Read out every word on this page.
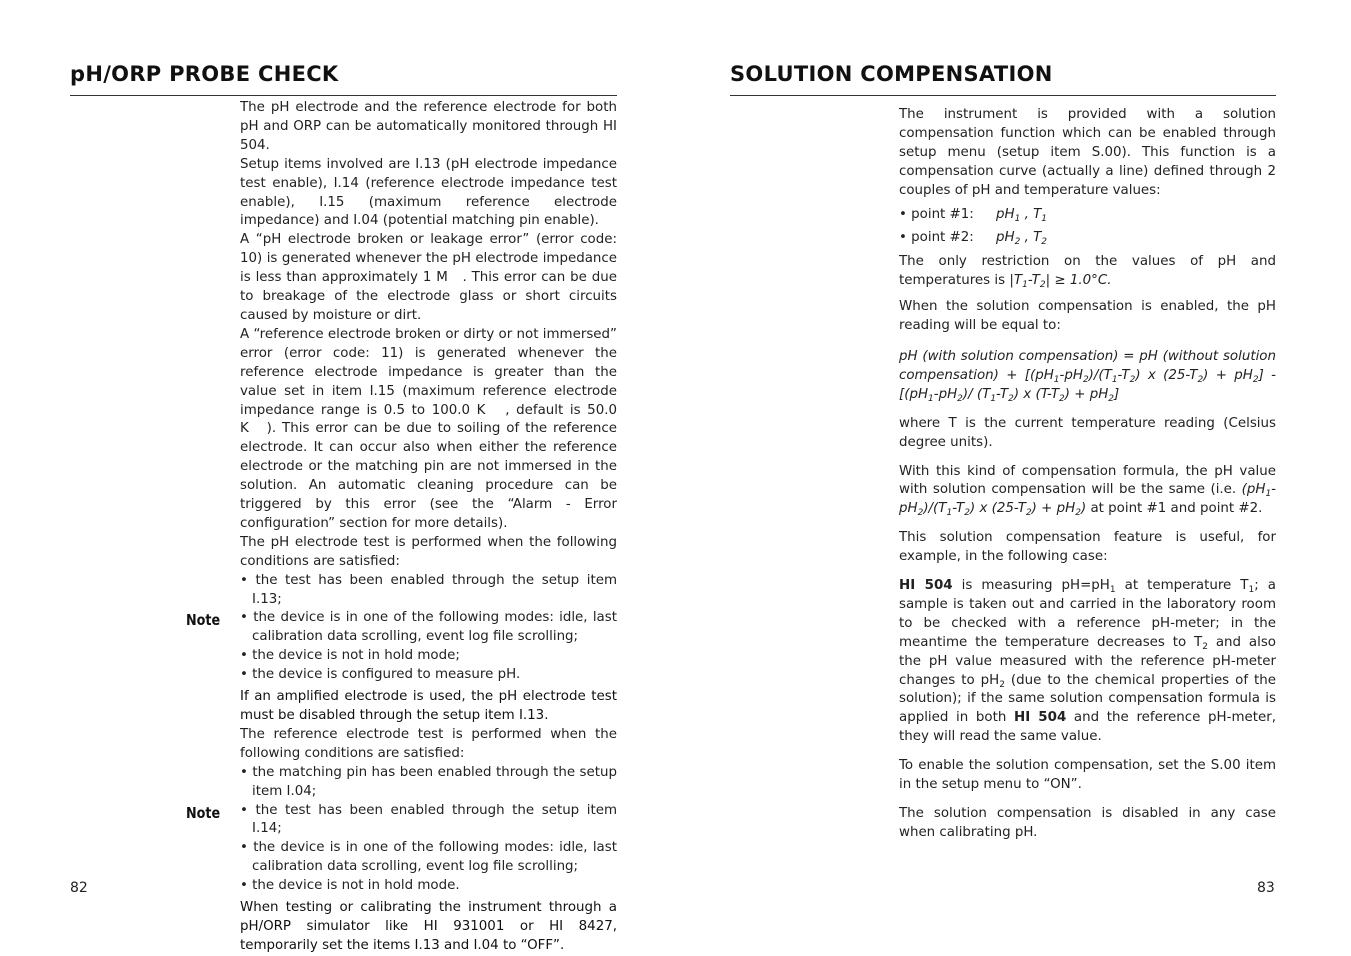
pH/ORP PROBE CHECK

The pH electrode and the reference electrode for both pH and ORP can be automatically monitored through HI 504.

Setup items involved are I.13 (pH electrode impedance test enable), I.14 (reference electrode impedance test enable), I.15 (maximum reference electrode impedance) and I.04 (potential matching pin enable).

A “pH electrode broken or leakage error” (error code: 10) is generated whenever the pH electrode impedance is less than approximately 1 M   . This error can be due to breakage of the electrode glass or short circuits caused by moisture or dirt.

A “reference electrode broken or dirty or not immersed” error (error code: 11) is generated whenever the reference electrode impedance is greater than the value set in item I.15 (maximum reference electrode impedance range is 0.5 to 100.0 K   , default is 50.0 K   ). This error can be due to soiling of the reference electrode. It can occur also when either the reference electrode or the matching pin are not immersed in the solution. An automatic cleaning procedure can be triggered by this error (see the “Alarm - Error configuration” section for more details).

The pH electrode test is performed when the following conditions are satisfied:

• the test has been enabled through the setup item I.13;

• the device is in one of the following modes: idle, last calibration data scrolling, event log file scrolling;

• the device is not in hold mode;

• the device is configured to measure pH.

If an amplified electrode is used, the pH electrode test must be disabled through the setup item I.13.

The reference electrode test is performed when the following conditions are satisfied:

• the matching pin has been enabled through the setup item I.04;

• the test has been enabled through the setup item I.14;

• the device is in one of the following modes: idle, last calibration data scrolling, event log file scrolling;

• the device is not in hold mode.

When testing or calibrating the instrument through a pH/ORP simulator like HI 931001 or HI 8427, temporarily set the items I.13 and I.04 to “OFF”.

Note
Note
82
SOLUTION COMPENSATION

The instrument is provided with a solution compensation function which can be enabled through setup menu (setup item S.00). This function is a compensation curve (actually a line) defined through 2 couples of pH and temperature values:

• point #1:	$pH_1$ , $T_1$
• point #2:	$pH_2$ , $T_2$

The only restriction on the values of pH and temperatures is $|T_1-T_2| \ge 1.0^\circ C$.

When the solution compensation is enabled, the pH reading will be equal to:

pH (with solution compensation) = pH (without solution compensation) + [$(pH_1-pH_2)/(T_1-T_2)$ x $(25-T_2) + pH_2] - [(pH_1-pH_2)/$ $(T_1-T_2)$ x $(T-T_2) + pH_2$]

where T is the current temperature reading (Celsius degree units).

With this kind of compensation formula, the pH value with solution compensation will be the same (i.e. $(pH_1-pH_2)/(T_1-T_2)$ x $(25-T_2) + pH_2$) at point #1 and point #2.

This solution compensation feature is useful, for example, in the following case:

HI 504 is measuring $pH=pH_1$ at temperature $T_1$; a sample is taken out and carried in the laboratory room to be checked with a reference pH-meter; in the meantime the temperature decreases to $T_2$ and also the pH value measured with the reference pH-meter changes to $pH_2$ (due to the chemical properties of the solution); if the same solution compensation formula is applied in both HI 504 and the reference pH-meter, they will read the same value.

To enable the solution compensation, set the S.00 item in the setup menu to “ON”.

The solution compensation is disabled in any case when calibrating pH.

83
